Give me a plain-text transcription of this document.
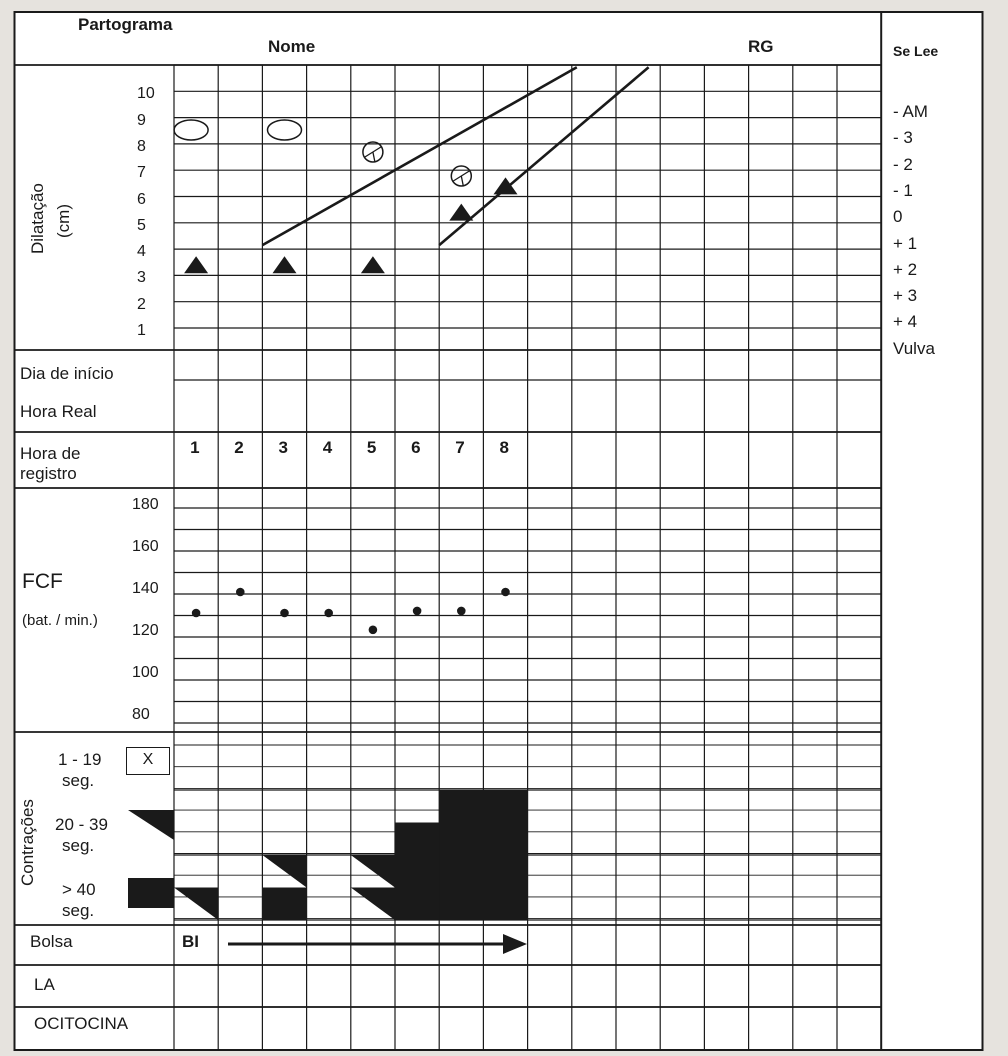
Partograma
Nome	RG	Se Lee
Dilatação (cm)
10
9
8
7
6
5
4
3
2
1
- AM
- 3
- 2
- 1
0
+ 1
+ 2
+ 3
+ 4
Vulva
Dia de início
Hora Real
Hora de registro
1 2 3 4 5 6 7 8
FCF
(bat. / min.)
180
160
140
120
100
80
Contrações
1 - 19
seg.
X
20 - 39
seg.
> 40
seg.
Bolsa	BI
LA
OCITOCINA
